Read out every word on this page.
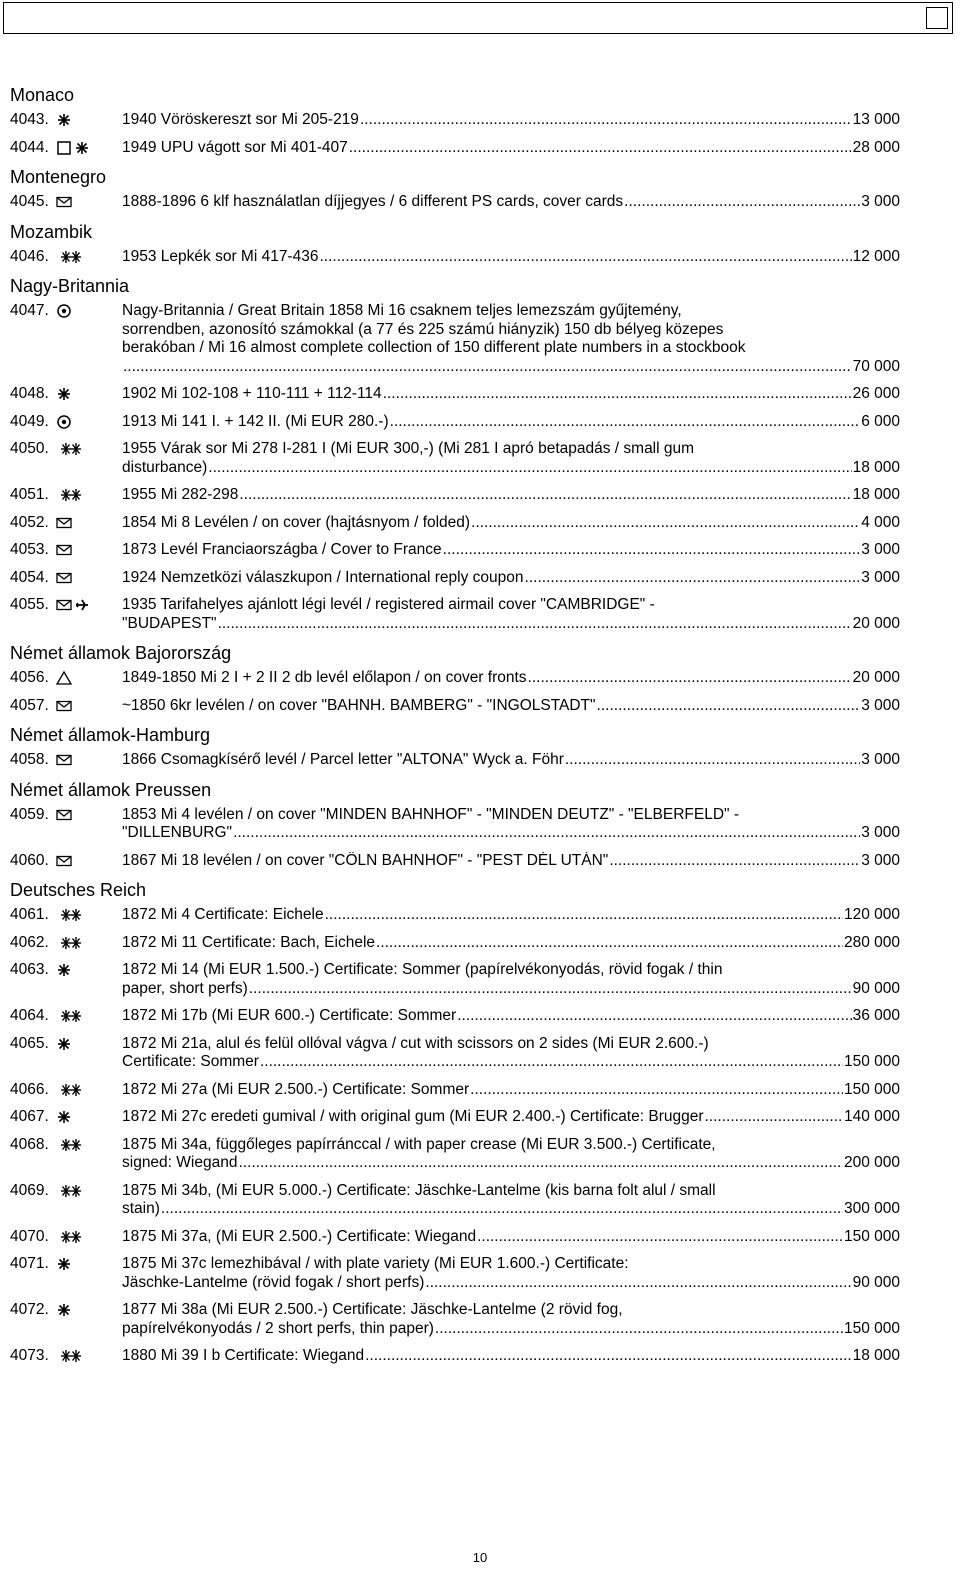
Monaco
4043.	1940 Vöröskereszt sor Mi 205-219 .....	13 000
4044.	1949 UPU vágott sor Mi 401-407 .....	28 000
Montenegro
4045.	1888-1896 6 klf használatlan díjjegyes / 6 different PS cards, cover cards .....	3 000
Mozambik
4046.	1953 Lepkék sor Mi 417-436 .....	12 000
Nagy-Britannia
4047.	Nagy-Britannia / Great Britain 1858 Mi 16 csaknem teljes lemezszám gyűjtemény,
sorrendben, azonosító számokkal (a 77 és 225 számú hiányzik) 150 db bélyeg közepes
berakóban / Mi 16 almost complete collection of 150 different plate numbers in a stockbook
.....
70 000
4048.	1902 Mi 102-108 + 110-111 + 112-114 .....	26 000
4049.	1913 Mi 141 I. + 142 II. (Mi EUR 280.-) .....	6 000
4050.	1955 Várak sor Mi 278 I-281 I (Mi EUR 300,-) (Mi 281 I apró betapadás / small gum
disturbance) .....	18 000
4051.	1955 Mi 282-298 .....	18 000
4052.	1854 Mi 8 Levélen / on cover (hajtásnyom / folded) .....	4 000
4053.	1873 Levél Franciaországba / Cover to France .....	3 000
4054.	1924 Nemzetközi válaszkupon / International reply coupon .....	3 000
4055.	1935 Tarifahelyes ajánlott légi levél / registered airmail cover "CAMBRIDGE" -
"BUDAPEST" .....	20 000
Német államok Bajorország
4056.	1849-1850 Mi 2 I + 2 II 2 db levél előlapon / on cover fronts .....	20 000
4057.	~1850 6kr levélen / on cover "BAHNH. BAMBERG" - "INGOLSTADT" .....	3 000
Német államok-Hamburg
4058.	1866 Csomagkísérő levél / Parcel letter "ALTONA" Wyck a. Föhr .....	3 000
Német államok Preussen
4059.	1853 Mi 4 levélen / on cover "MINDEN BAHNHOF" - "MINDEN DEUTZ" - "ELBERFELD" -
"DILLENBURG" .....	3 000
4060.	1867 Mi 18 levélen / on cover "CÖLN BAHNHOF" - "PEST DÉL UTÁN" .....	3 000
Deutsches Reich
4061.	1872 Mi 4 Certificate: Eichele .....	120 000
4062.	1872 Mi 11 Certificate: Bach, Eichele .....	280 000
4063.	1872 Mi 14 (Mi EUR 1.500.-) Certificate: Sommer (papírelvékonyodás, rövid fogak / thin
paper, short perfs) .....	90 000
4064.	1872 Mi 17b (Mi EUR 600.-) Certificate: Sommer .....	36 000
4065.	1872 Mi 21a, alul és felül ollóval vágva / cut with scissors on 2 sides (Mi EUR 2.600.-)
Certificate: Sommer .....	150 000
4066.	1872 Mi 27a (Mi EUR 2.500.-) Certificate: Sommer .....	150 000
4067.	1872 Mi 27c eredeti gumival / with original gum (Mi EUR 2.400.-) Certificate: Brugger .....	140 000
4068.	1875 Mi 34a, függőleges papírránccal / with paper crease (Mi EUR 3.500.-) Certificate,
signed: Wiegand .....	200 000
4069.	1875 Mi 34b, (Mi EUR 5.000.-) Certificate: Jäschke-Lantelme (kis barna folt alul / small
stain) .....	300 000
4070.	1875 Mi 37a, (Mi EUR 2.500.-) Certificate: Wiegand .....	150 000
4071.	1875 Mi 37c lemezhibával / with plate variety (Mi EUR 1.600.-) Certificate:
Jäschke-Lantelme (rövid fogak / short perfs) .....	90 000
4072.	1877 Mi 38a (Mi EUR 2.500.-) Certificate: Jäschke-Lantelme (2 rövid fog,
papírelvékonyodás / 2 short perfs, thin paper) .....	150 000
4073.	1880 Mi 39 I b Certificate: Wiegand .....	18 000
10
